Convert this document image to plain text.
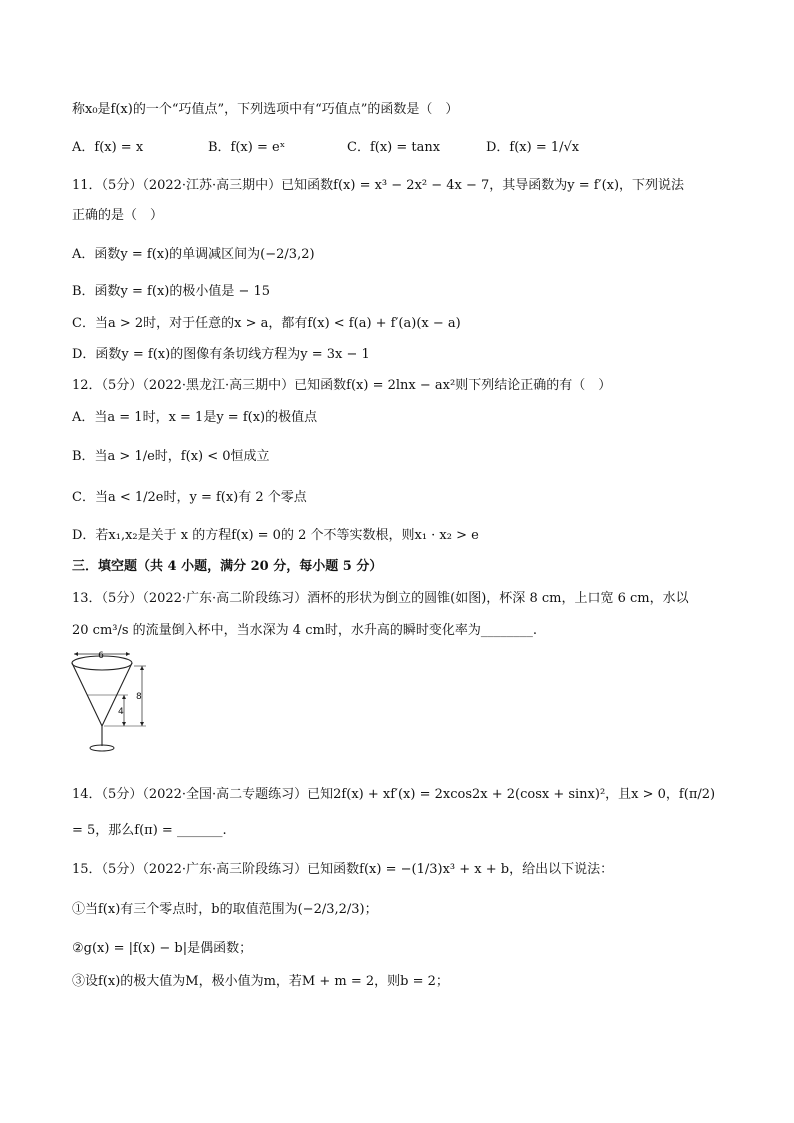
称x₀是f(x)的一个“巧值点”，下列选项中有“巧值点”的函数是（　）
A．f(x) = x	B．f(x) = eˣ	C．f(x) = tanx	D．f(x) = 1/√x
11．（5分）（2022·江苏·高三期中）已知函数f(x) = x³ − 2x² − 4x − 7，其导函数为y = f′(x)，下列说法
正确的是（　）
A．函数y = f(x)的单调减区间为(−2/3,2)
B．函数y = f(x)的极小值是 − 15
C．当a > 2时，对于任意的x > a，都有f(x) < f(a) + f′(a)(x − a)
D．函数y = f(x)的图像有条切线方程为y = 3x − 1
12．（5分）（2022·黑龙江·高三期中）已知函数f(x) = 2lnx − ax²则下列结论正确的有（　）
A．当a = 1时，x = 1是y = f(x)的极值点
B．当a > 1/e时，f(x) < 0恒成立
C．当a < 1/2e时，y = f(x)有 2 个零点
D．若x₁,x₂是关于 x 的方程f(x) = 0的 2 个不等实数根，则x₁ · x₂ > e
三．填空题（共 4 小题，满分 20 分，每小题 5 分）
13．（5分）（2022·广东·高二阶段练习）酒杯的形状为倒立的圆锥(如图)，杯深 8 cm，上口宽 6 cm，水以
20 cm³/s 的流量倒入杯中，当水深为 4 cm时，水升高的瞬时变化率为________.
6
8
4
14．（5分）（2022·全国·高二专题练习）已知2f(x) + xf′(x) = 2xcos2x + 2(cosx + sinx)²，且x > 0，f(π/2)
= 5，那么f(π) = _______.
15．（5分）（2022·广东·高三阶段练习）已知函数f(x) = −(1/3)x³ + x + b，给出以下说法：
①当f(x)有三个零点时，b的取值范围为(−2/3,2/3)；
②g(x) = |f(x) − b|是偶函数；
③设f(x)的极大值为M，极小值为m，若M + m = 2，则b = 2；
